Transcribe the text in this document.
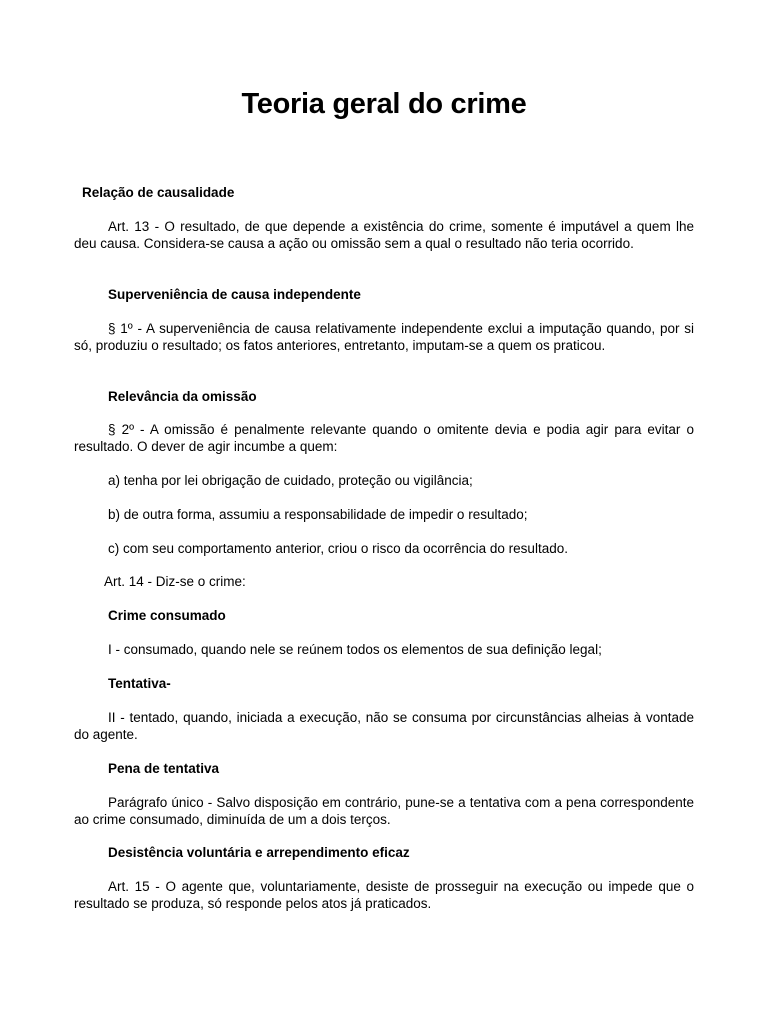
Teoria geral do crime

Relação de causalidade

Art. 13 - O resultado, de que depende a existência do crime, somente é imputável a quem lhe deu causa. Considera-se causa a ação ou omissão sem a qual o resultado não teria ocorrido.

Superveniência de causa independente

§ 1º - A superveniência de causa relativamente independente exclui a imputação quando, por si só, produziu o resultado; os fatos anteriores, entretanto, imputam-se a quem os praticou.

Relevância da omissão

§ 2º - A omissão é penalmente relevante quando o omitente devia e podia agir para evitar o resultado. O dever de agir incumbe a quem:

a) tenha por lei obrigação de cuidado, proteção ou vigilância;

b) de outra forma, assumiu a responsabilidade de impedir o resultado;

c) com seu comportamento anterior, criou o risco da ocorrência do resultado.

Art. 14 - Diz-se o crime:

Crime consumado

I - consumado, quando nele se reúnem todos os elementos de sua definição legal;

Tentativa-

II - tentado, quando, iniciada a execução, não se consuma por circunstâncias alheias à vontade do agente.

Pena de tentativa

Parágrafo único - Salvo disposição em contrário, pune-se a tentativa com a pena correspondente ao crime consumado, diminuída de um a dois terços.

Desistência voluntária e arrependimento eficaz

Art. 15 - O agente que, voluntariamente, desiste de prosseguir na execução ou impede que o resultado se produza, só responde pelos atos já praticados.
